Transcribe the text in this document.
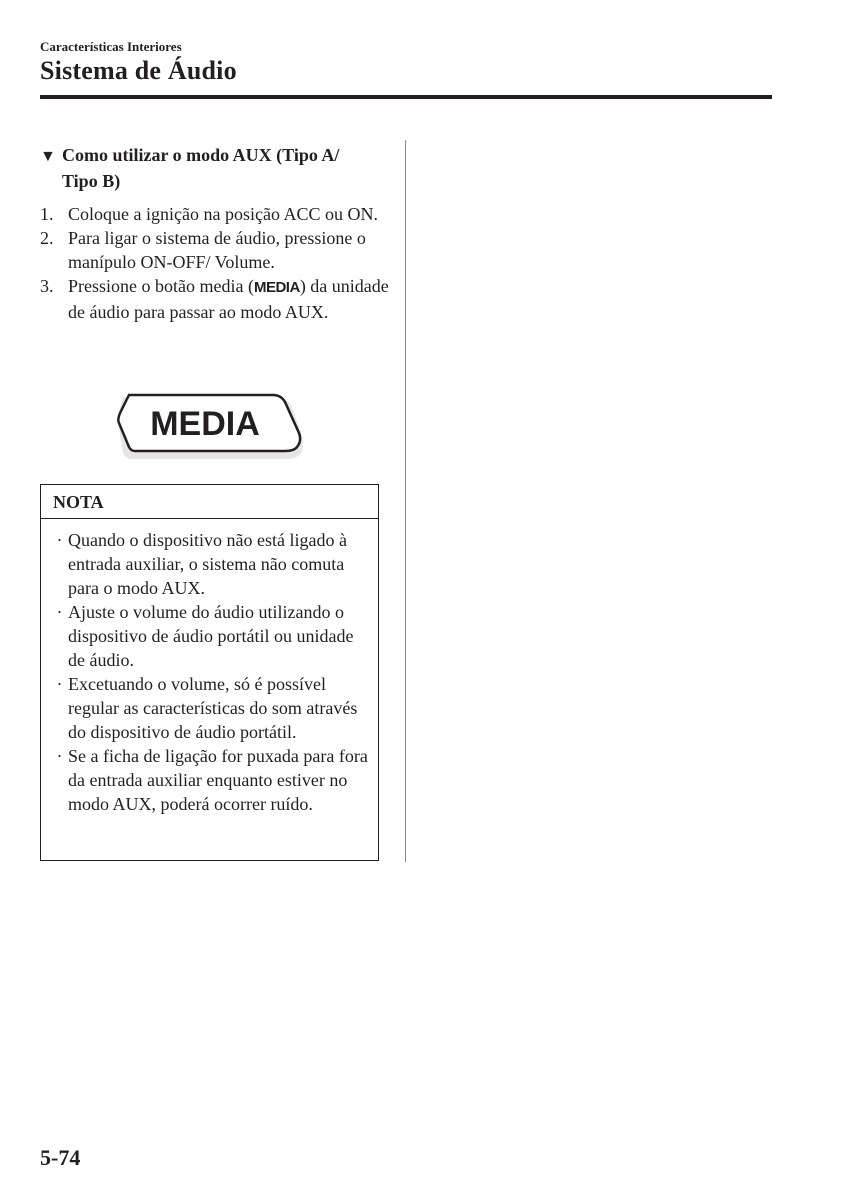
Características Interiores
Sistema de Áudio
▼ Como utilizar o modo AUX (Tipo A/
Tipo B)
1. Coloque a ignição na posição ACC ou ON.
2. Para ligar o sistema de áudio, pressione o manípulo ON-OFF/ Volume.
3. Pressione o botão media (MEDIA) da unidade de áudio para passar ao modo AUX.
MEDIA
NOTA
· Quando o dispositivo não está ligado à entrada auxiliar, o sistema não comuta para o modo AUX.
· Ajuste o volume do áudio utilizando o dispositivo de áudio portátil ou unidade de áudio.
· Excetuando o volume, só é possível regular as características do som através do dispositivo de áudio portátil.
· Se a ficha de ligação for puxada para fora da entrada auxiliar enquanto estiver no modo AUX, poderá ocorrer ruído.
5-74
